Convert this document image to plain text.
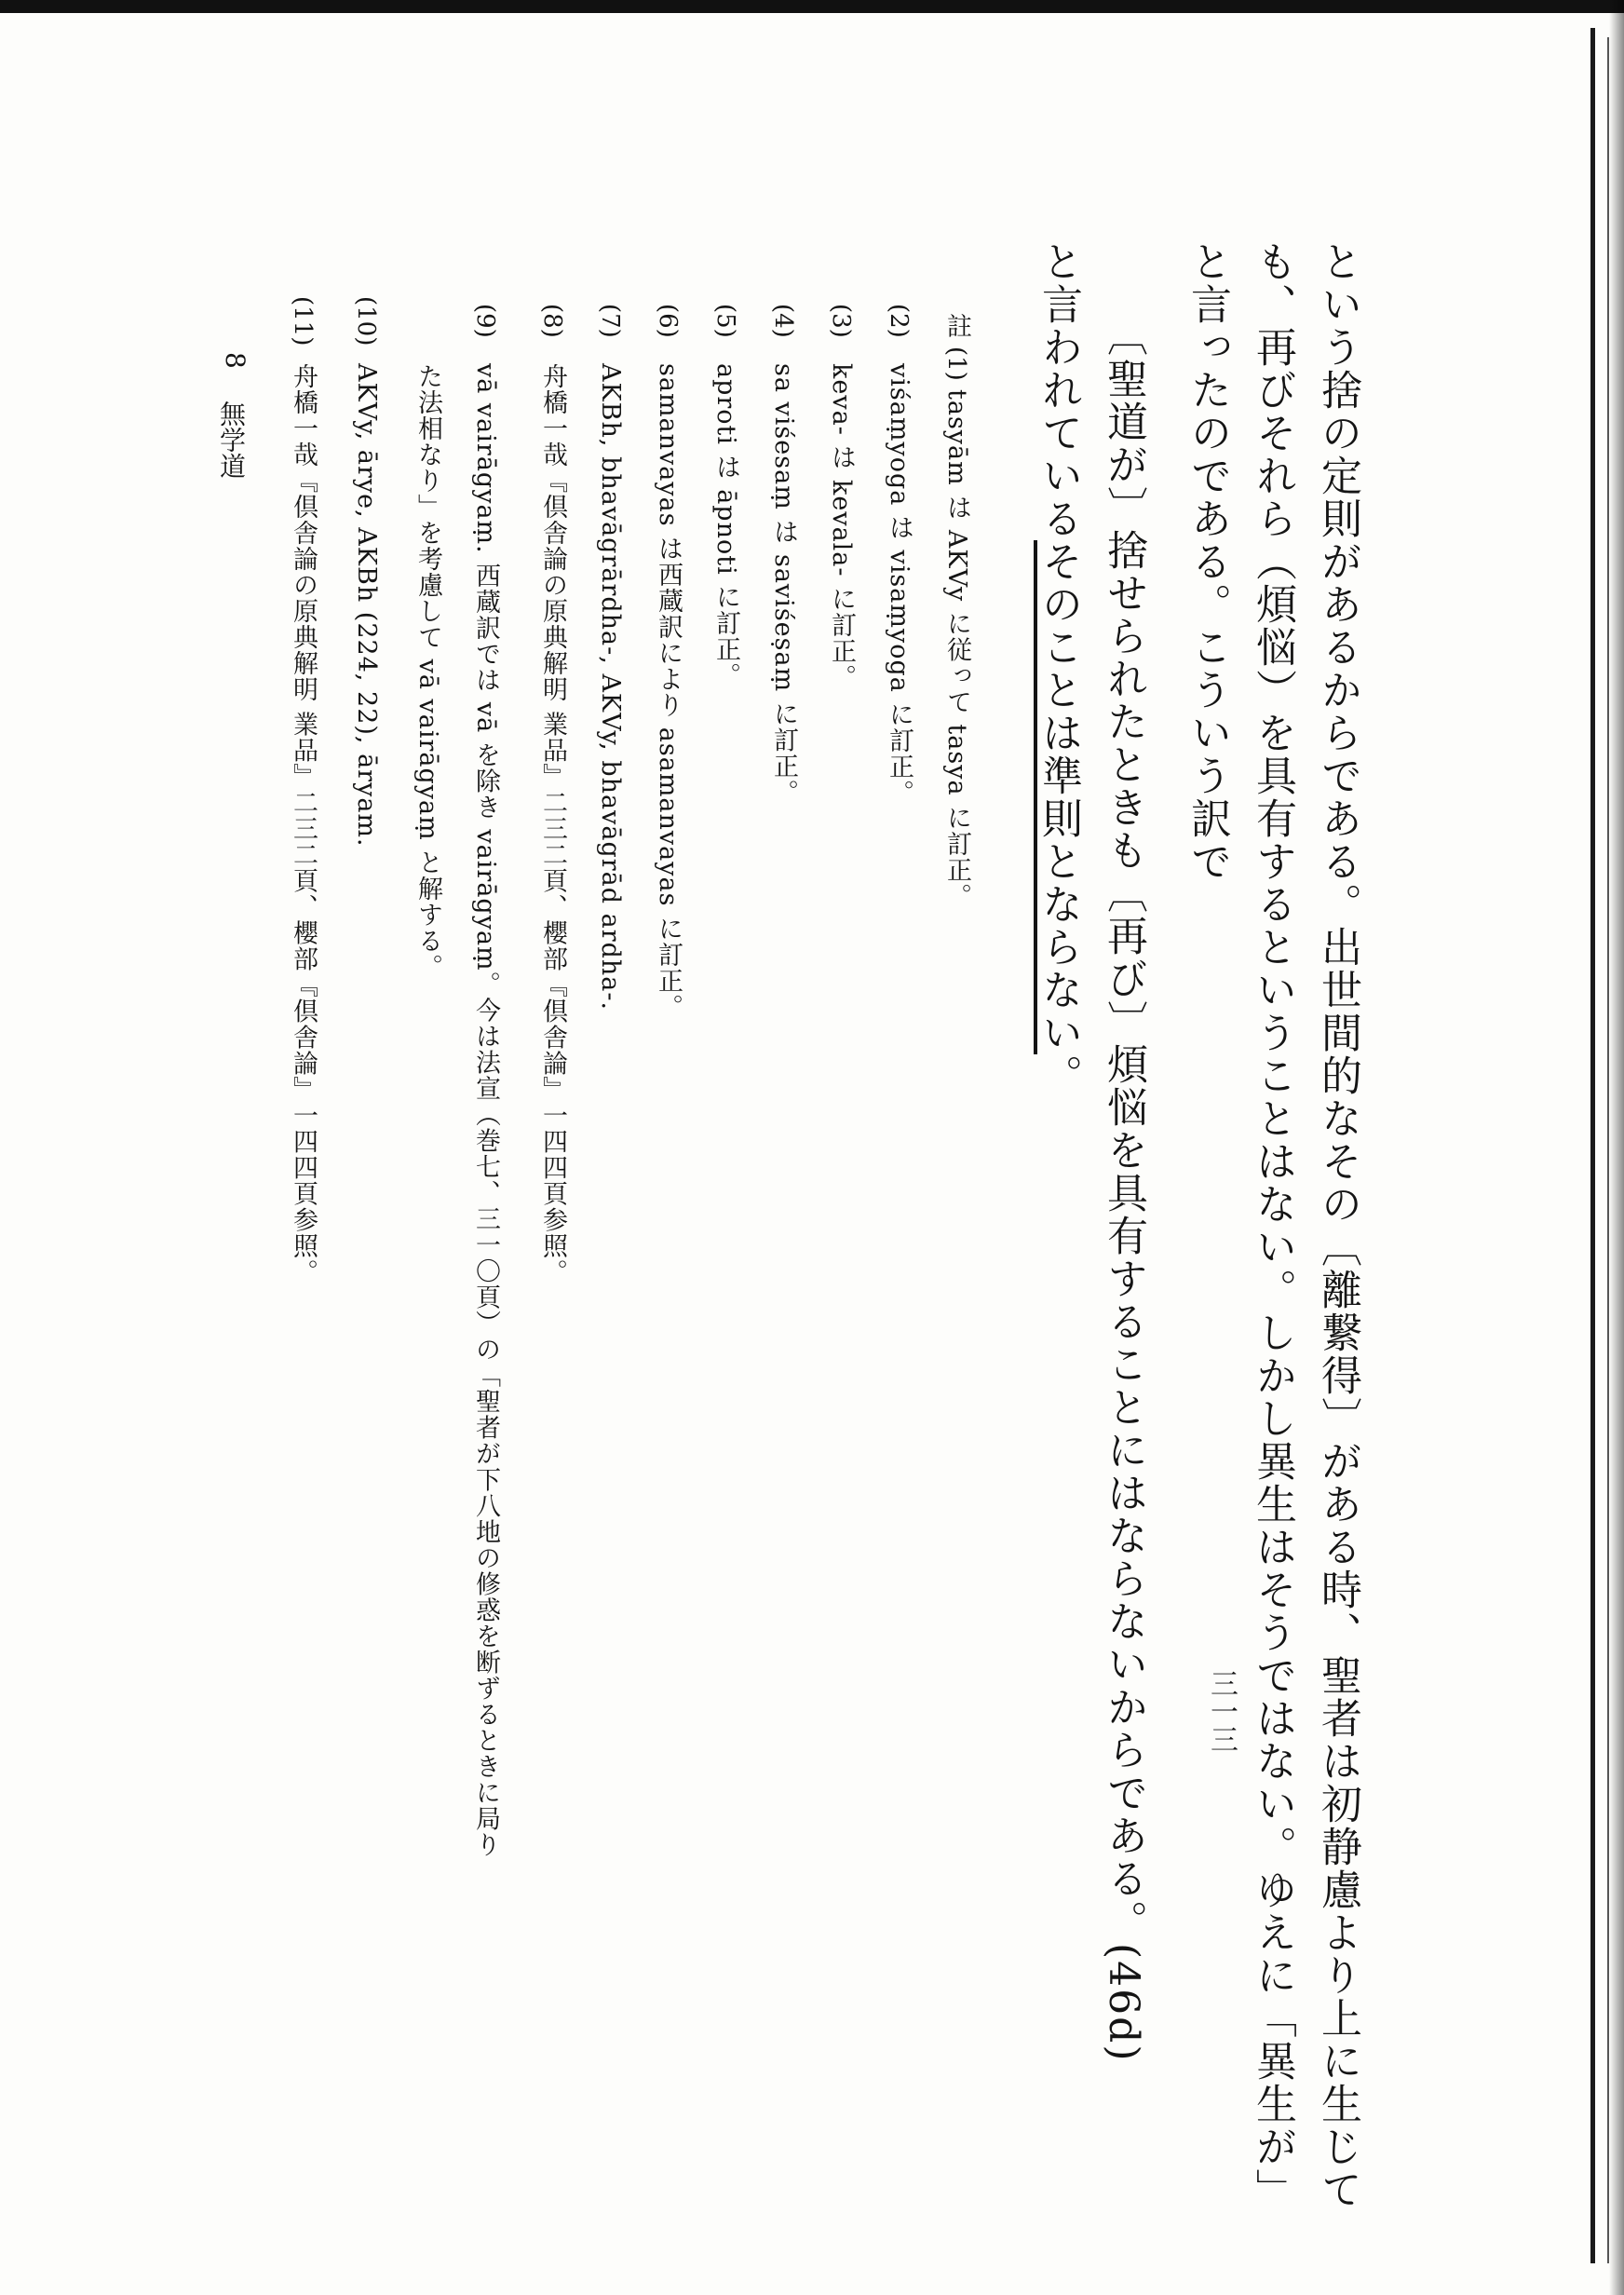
という捨の定則があるからである。出世間的なその〔離繋得〕がある時、聖者は初静慮より上に生じて
も、再びそれら（煩悩）を具有するということはない。しかし異生はそうではない。ゆえに「異生が」
と言ったのである。こういう訳で
〔聖道が〕捨せられたときも〔再び〕煩悩を具有することにはならないからである。(46d)
と言われているそのことは準則とならない。
註
(1)
(2)
(3)
(4)
(5)
(6)
(7)
(8)
(9)
(10)
(11)
tasyām は AKVy に従って tasya に訂正。
viśaṃyoga は visaṃyoga に訂正。
keva- は kevala- に訂正。
sa viśesaṃ は saviśeṣaṃ に訂正。
aproti は āpnoti に訂正。
samanvayas は西蔵訳により asamanvayas に訂正。
AKBh, bhavāgrārdha-, AKVy, bhavāgrād ardha-.
舟橋一哉『倶舎論の原典解明 業品』二三二頁、櫻部『倶舎論』一四四頁参照。
vā vairāgyaṃ. 西蔵訳では vā を除き vairāgyaṃ。今は法宣（巻七、三一〇頁）の「聖者が下八地の修惑を断ずるときに局り
た法相なり」を考慮して vā vairāgyaṃ と解する。
AKVy, ārye, AKBh (224, 22), āryam.
舟橋一哉『倶舎論の原典解明 業品』二三二頁、櫻部『倶舎論』一四四頁参照。
8
無学道
三一三
